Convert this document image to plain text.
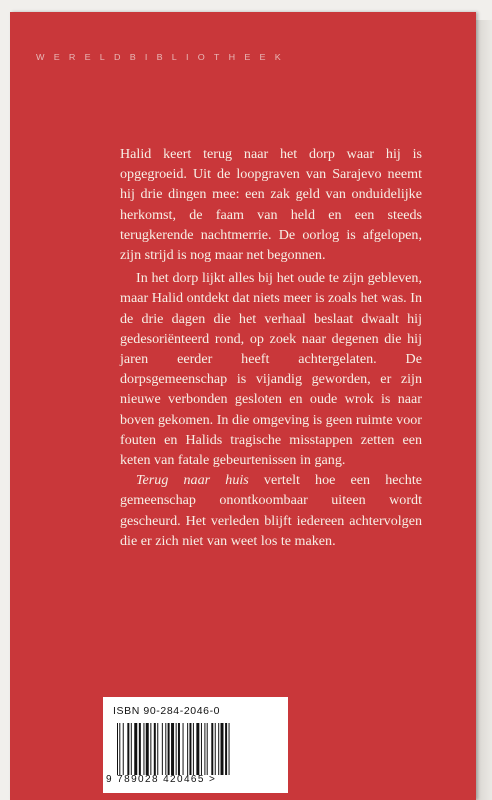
WERELDBIBLIOTHEEK

Halid keert terug naar het dorp waar hij is opgegroeid. Uit de loopgraven van Sarajevo neemt hij drie dingen mee: een zak geld van onduidelijke herkomst, de faam van held en een steeds terugkerende nachtmerrie. De oorlog is afgelopen, zijn strijd is nog maar net begonnen.

In het dorp lijkt alles bij het oude te zijn gebleven, maar Halid ontdekt dat niets meer is zoals het was. In de drie dagen die het verhaal beslaat dwaalt hij gedesoriënteerd rond, op zoek naar degenen die hij jaren eerder heeft achtergelaten. De dorpsgemeenschap is vijandig geworden, er zijn nieuwe verbonden gesloten en oude wrok is naar boven gekomen. In die omgeving is geen ruimte voor fouten en Halids tragische misstappen zetten een keten van fatale gebeurtenissen in gang.

Terug naar huis vertelt hoe een hechte gemeenschap onontkoombaar uiteen wordt gescheurd. Het verleden blijft iedereen achtervolgen die er zich niet van weet los te maken.

ISBN 90-284-2046-0
9 789028 420465 >
